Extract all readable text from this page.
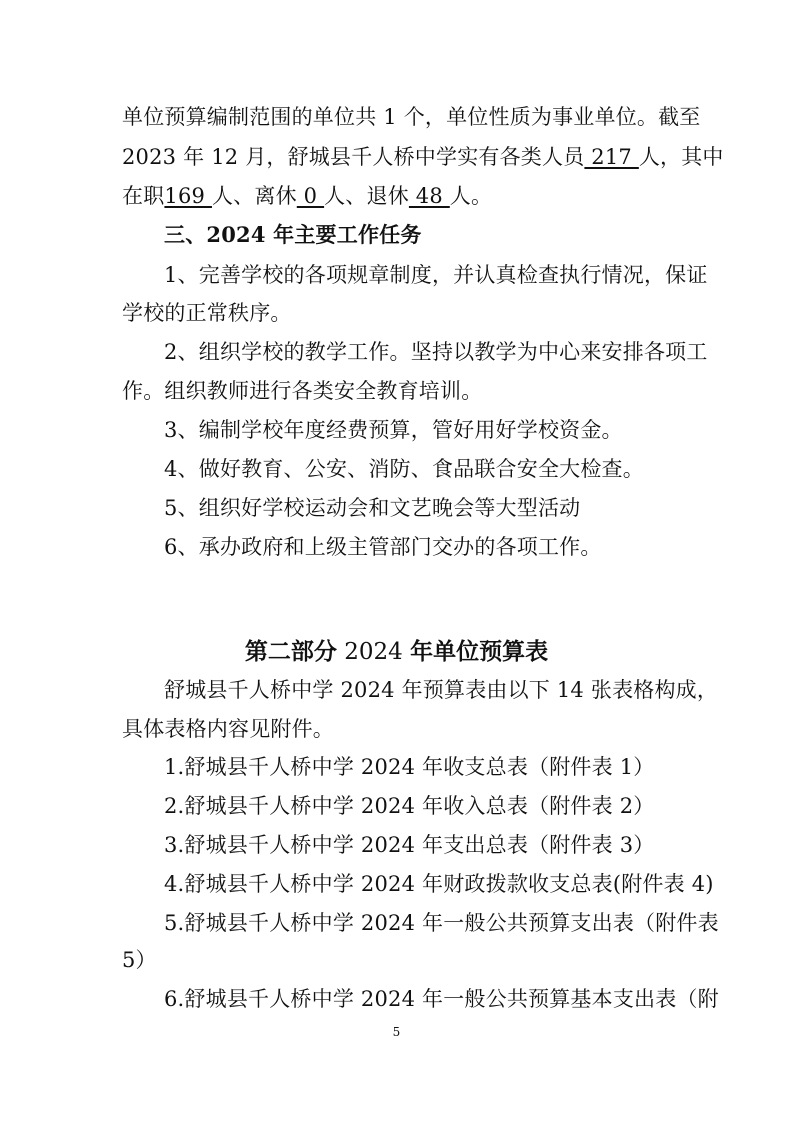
单位预算编制范围的单位共 1 个，单位性质为事业单位。截至
2023 年 12 月，舒城县千人桥中学实有各类人员 217 人，其中
在职169 人、离休 0 人、退休 48 人。
三、2024 年主要工作任务
1、完善学校的各项规章制度，并认真检查执行情况，保证
学校的正常秩序。
2、组织学校的教学工作。坚持以教学为中心来安排各项工
作。组织教师进行各类安全教育培训。
3、编制学校年度经费预算，管好用好学校资金。
4、做好教育、公安、消防、食品联合安全大检查。
5、组织好学校运动会和文艺晚会等大型活动
6、承办政府和上级主管部门交办的各项工作。
第二部分 2024 年单位预算表
舒城县千人桥中学 2024 年预算表由以下 14 张表格构成，
具体表格内容见附件。
1.舒城县千人桥中学 2024 年收支总表（附件表 1）
2.舒城县千人桥中学 2024 年收入总表（附件表 2）
3.舒城县千人桥中学 2024 年支出总表（附件表 3）
4.舒城县千人桥中学 2024 年财政拨款收支总表(附件表 4)
5.舒城县千人桥中学 2024 年一般公共预算支出表（附件表
5）
6.舒城县千人桥中学 2024 年一般公共预算基本支出表（附
5
